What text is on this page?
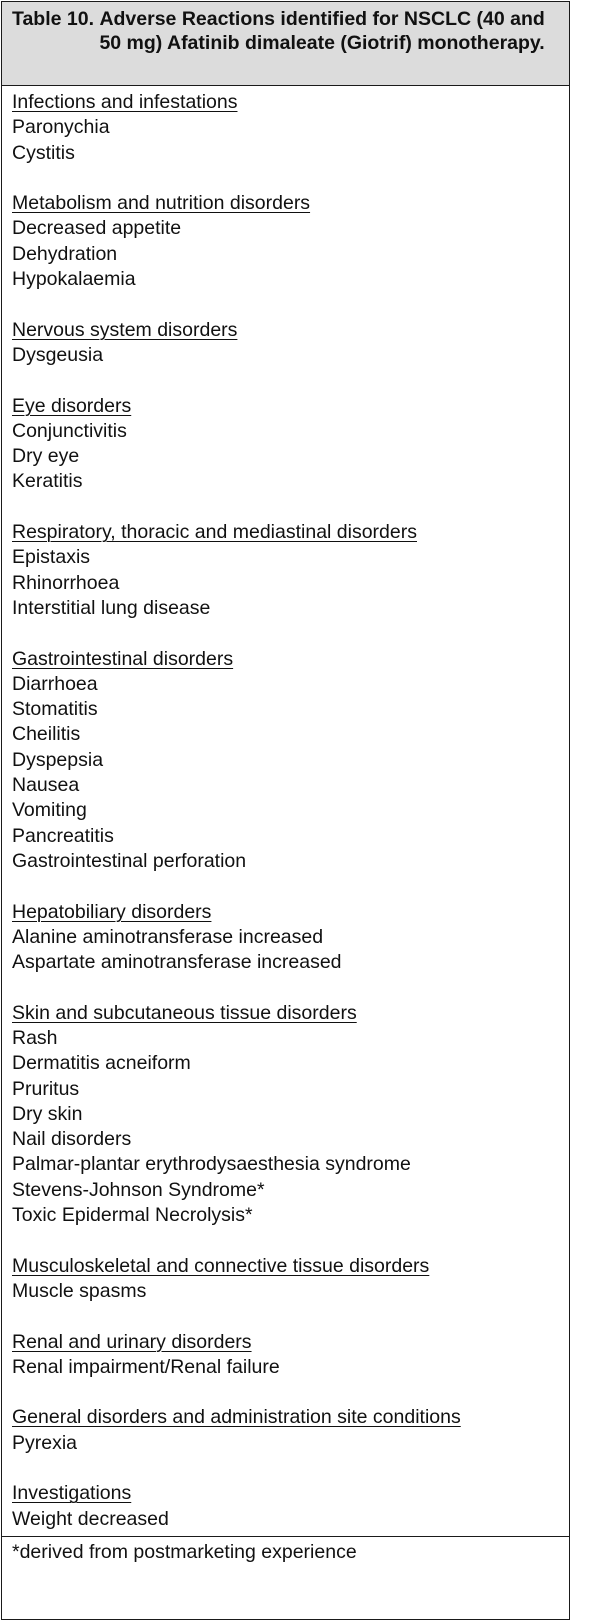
Table 10. Adverse Reactions identified for NSCLC (40 and 50 mg) Afatinib dimaleate (Giotrif) monotherapy.
Infections and infestations
Paronychia
Cystitis
Metabolism and nutrition disorders
Decreased appetite
Dehydration
Hypokalaemia
Nervous system disorders
Dysgeusia
Eye disorders
Conjunctivitis
Dry eye
Keratitis
Respiratory, thoracic and mediastinal disorders
Epistaxis
Rhinorrhoea
Interstitial lung disease
Gastrointestinal disorders
Diarrhoea
Stomatitis
Cheilitis
Dyspepsia
Nausea
Vomiting
Pancreatitis
Gastrointestinal perforation
Hepatobiliary disorders
Alanine aminotransferase increased
Aspartate aminotransferase increased
Skin and subcutaneous tissue disorders
Rash
Dermatitis acneiform
Pruritus
Dry skin
Nail disorders
Palmar-plantar erythrodysaesthesia syndrome
Stevens-Johnson Syndrome*
Toxic Epidermal Necrolysis*
Musculoskeletal and connective tissue disorders
Muscle spasms
Renal and urinary disorders
Renal impairment/Renal failure
General disorders and administration site conditions
Pyrexia
Investigations
Weight decreased
*derived from postmarketing experience
